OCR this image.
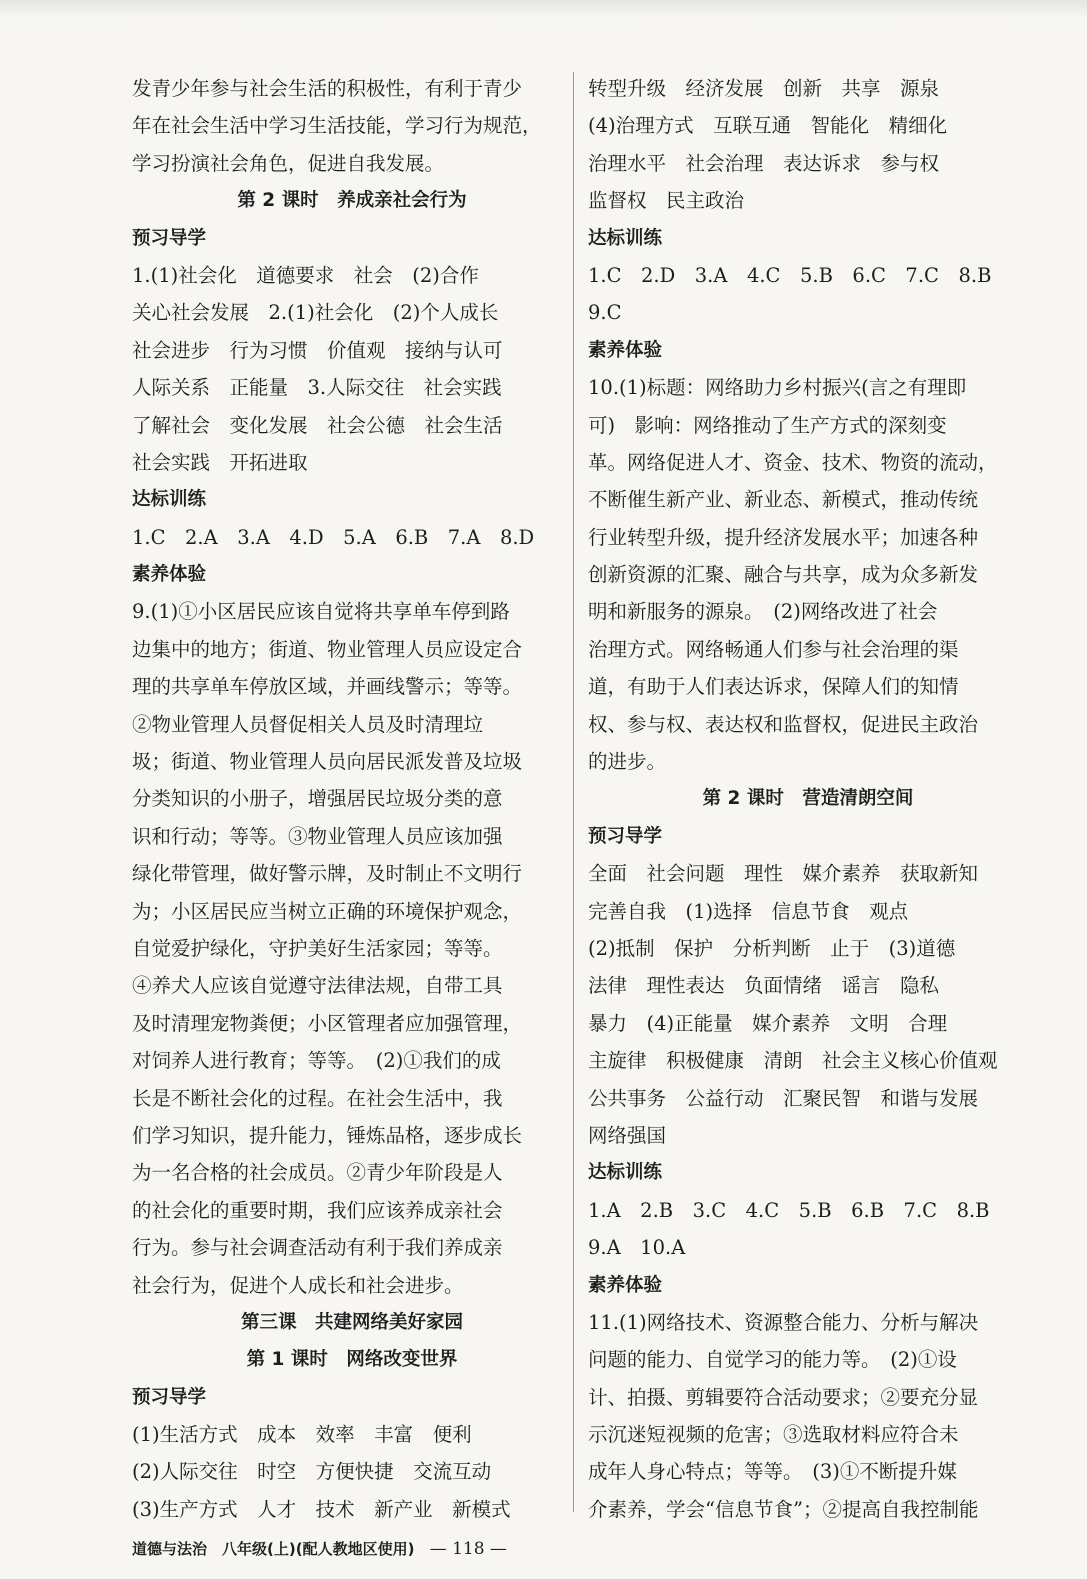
发青少年参与社会生活的积极性，有利于青少
年在社会生活中学习生活技能，学习行为规范，
学习扮演社会角色，促进自我发展。
第 2 课时　养成亲社会行为
预习导学
1.(1)社会化　道德要求　社会　(2)合作
关心社会发展　2.(1)社会化　(2)个人成长
社会进步　行为习惯　价值观　接纳与认可
人际关系　正能量　3.人际交往　社会实践
了解社会　变化发展　社会公德　社会生活
社会实践　开拓进取
达标训练
1.C　2.A　3.A　4.D　5.A　6.B　7.A　8.D
素养体验
9.(1)①小区居民应该自觉将共享单车停到路
边集中的地方；街道、物业管理人员应设定合
理的共享单车停放区域，并画线警示；等等。
②物业管理人员督促相关人员及时清理垃
圾；街道、物业管理人员向居民派发普及垃圾
分类知识的小册子，增强居民垃圾分类的意
识和行动；等等。③物业管理人员应该加强
绿化带管理，做好警示牌，及时制止不文明行
为；小区居民应当树立正确的环境保护观念，
自觉爱护绿化，守护美好生活家园；等等。
④养犬人应该自觉遵守法律法规，自带工具
及时清理宠物粪便；小区管理者应加强管理，
对饲养人进行教育；等等。　(2)①我们的成
长是不断社会化的过程。在社会生活中，我
们学习知识，提升能力，锤炼品格，逐步成长
为一名合格的社会成员。②青少年阶段是人
的社会化的重要时期，我们应该养成亲社会
行为。参与社会调查活动有利于我们养成亲
社会行为，促进个人成长和社会进步。
第三课　共建网络美好家园
第 1 课时　网络改变世界
预习导学
(1)生活方式　成本　效率　丰富　便利
(2)人际交往　时空　方便快捷　交流互动
(3)生产方式　人才　技术　新产业　新模式
转型升级　经济发展　创新　共享　源泉
(4)治理方式　互联互通　智能化　精细化
治理水平　社会治理　表达诉求　参与权
监督权　民主政治
达标训练
1.C　2.D　3.A　4.C　5.B　6.C　7.C　8.B
9.C
素养体验
10.(1)标题：网络助力乡村振兴(言之有理即
可)　影响：网络推动了生产方式的深刻变
革。网络促进人才、资金、技术、物资的流动，
不断催生新产业、新业态、新模式，推动传统
行业转型升级，提升经济发展水平；加速各种
创新资源的汇聚、融合与共享，成为众多新发
明和新服务的源泉。　(2)网络改进了社会
治理方式。网络畅通人们参与社会治理的渠
道，有助于人们表达诉求，保障人们的知情
权、参与权、表达权和监督权，促进民主政治
的进步。
第 2 课时　营造清朗空间
预习导学
全面　社会问题　理性　媒介素养　获取新知
完善自我　(1)选择　信息节食　观点
(2)抵制　保护　分析判断　止于　(3)道德
法律　理性表达　负面情绪　谣言　隐私
暴力　(4)正能量　媒介素养　文明　合理
主旋律　积极健康　清朗　社会主义核心价值观
公共事务　公益行动　汇聚民智　和谐与发展
网络强国
达标训练
1.A　2.B　3.C　4.C　5.B　6.B　7.C　8.B
9.A　10.A
素养体验
11.(1)网络技术、资源整合能力、分析与解决
问题的能力、自觉学习的能力等。　(2)①设
计、拍摄、剪辑要符合活动要求；②要充分显
示沉迷短视频的危害；③选取材料应符合未
成年人身心特点；等等。　(3)①不断提升媒
介素养，学会“信息节食”；②提高自我控制能
道德与法治　八年级(上)(配人教地区使用) — 118 —
